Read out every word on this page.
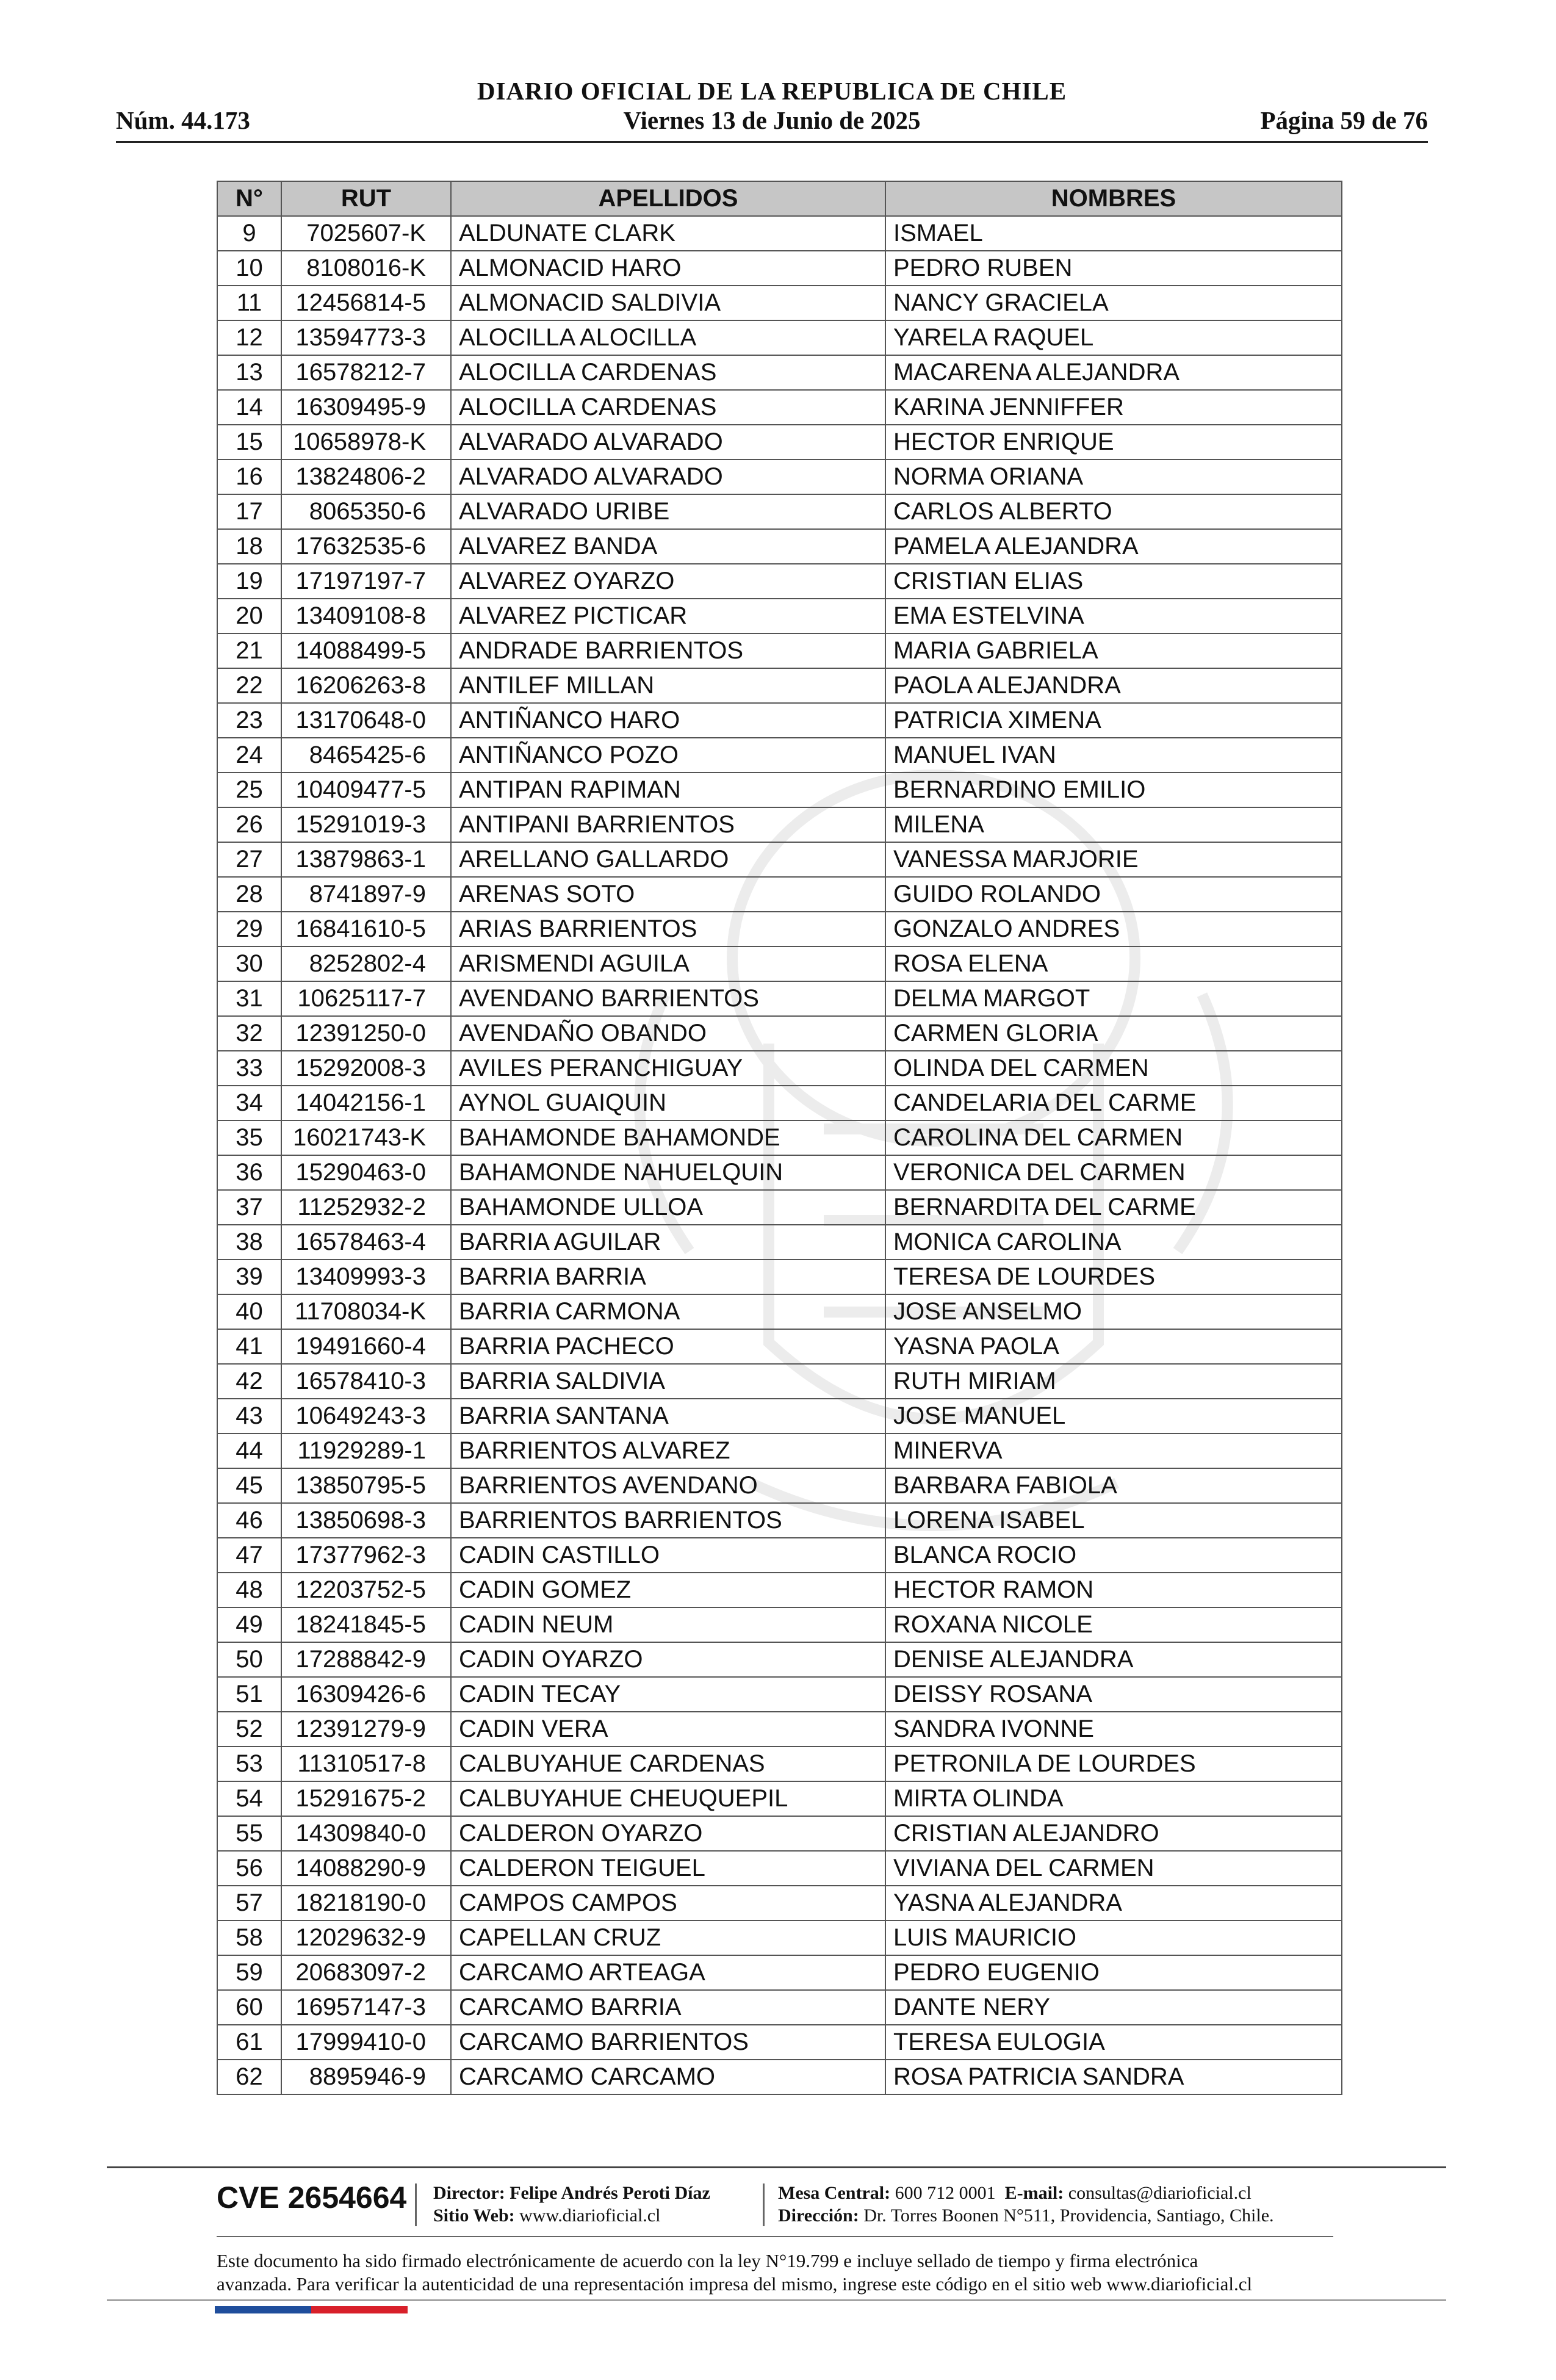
DIARIO OFICIAL DE LA REPUBLICA DE CHILE
Núm. 44.173	Viernes 13 de Junio de 2025	Página 59 de 76
N°	RUT	APELLIDOS	NOMBRES
9	7025607-K	ALDUNATE CLARK	ISMAEL
10	8108016-K	ALMONACID HARO	PEDRO RUBEN
11	12456814-5	ALMONACID SALDIVIA	NANCY GRACIELA
12	13594773-3	ALOCILLA ALOCILLA	YARELA RAQUEL
13	16578212-7	ALOCILLA CARDENAS	MACARENA ALEJANDRA
14	16309495-9	ALOCILLA CARDENAS	KARINA JENNIFFER
15	10658978-K	ALVARADO ALVARADO	HECTOR ENRIQUE
16	13824806-2	ALVARADO ALVARADO	NORMA ORIANA
17	8065350-6	ALVARADO URIBE	CARLOS ALBERTO
18	17632535-6	ALVAREZ BANDA	PAMELA ALEJANDRA
19	17197197-7	ALVAREZ OYARZO	CRISTIAN ELIAS
20	13409108-8	ALVAREZ PICTICAR	EMA ESTELVINA
21	14088499-5	ANDRADE BARRIENTOS	MARIA GABRIELA
22	16206263-8	ANTILEF MILLAN	PAOLA ALEJANDRA
23	13170648-0	ANTIÑANCO HARO	PATRICIA XIMENA
24	8465425-6	ANTIÑANCO POZO	MANUEL IVAN
25	10409477-5	ANTIPAN RAPIMAN	BERNARDINO EMILIO
26	15291019-3	ANTIPANI BARRIENTOS	MILENA
27	13879863-1	ARELLANO GALLARDO	VANESSA MARJORIE
28	8741897-9	ARENAS SOTO	GUIDO ROLANDO
29	16841610-5	ARIAS BARRIENTOS	GONZALO ANDRES
30	8252802-4	ARISMENDI AGUILA	ROSA ELENA
31	10625117-7	AVENDANO BARRIENTOS	DELMA MARGOT
32	12391250-0	AVENDAÑO OBANDO	CARMEN GLORIA
33	15292008-3	AVILES PERANCHIGUAY	OLINDA DEL CARMEN
34	14042156-1	AYNOL GUAIQUIN	CANDELARIA DEL CARME
35	16021743-K	BAHAMONDE BAHAMONDE	CAROLINA DEL CARMEN
36	15290463-0	BAHAMONDE NAHUELQUIN	VERONICA DEL CARMEN
37	11252932-2	BAHAMONDE ULLOA	BERNARDITA DEL CARME
38	16578463-4	BARRIA AGUILAR	MONICA CAROLINA
39	13409993-3	BARRIA BARRIA	TERESA DE LOURDES
40	11708034-K	BARRIA CARMONA	JOSE ANSELMO
41	19491660-4	BARRIA PACHECO	YASNA PAOLA
42	16578410-3	BARRIA SALDIVIA	RUTH MIRIAM
43	10649243-3	BARRIA SANTANA	JOSE MANUEL
44	11929289-1	BARRIENTOS ALVAREZ	MINERVA
45	13850795-5	BARRIENTOS AVENDANO	BARBARA FABIOLA
46	13850698-3	BARRIENTOS BARRIENTOS	LORENA ISABEL
47	17377962-3	CADIN CASTILLO	BLANCA ROCIO
48	12203752-5	CADIN GOMEZ	HECTOR RAMON
49	18241845-5	CADIN NEUM	ROXANA NICOLE
50	17288842-9	CADIN OYARZO	DENISE ALEJANDRA
51	16309426-6	CADIN TECAY	DEISSY ROSANA
52	12391279-9	CADIN VERA	SANDRA IVONNE
53	11310517-8	CALBUYAHUE CARDENAS	PETRONILA DE LOURDES
54	15291675-2	CALBUYAHUE CHEUQUEPIL	MIRTA OLINDA
55	14309840-0	CALDERON OYARZO	CRISTIAN ALEJANDRO
56	14088290-9	CALDERON TEIGUEL	VIVIANA DEL CARMEN
57	18218190-0	CAMPOS CAMPOS	YASNA ALEJANDRA
58	12029632-9	CAPELLAN CRUZ	LUIS MAURICIO
59	20683097-2	CARCAMO ARTEAGA	PEDRO EUGENIO
60	16957147-3	CARCAMO BARRIA	DANTE NERY
61	17999410-0	CARCAMO BARRIENTOS	TERESA EULOGIA
62	8895946-9	CARCAMO CARCAMO	ROSA PATRICIA SANDRA
CVE 2654664 Director: Felipe Andrés Peroti Díaz
Sitio Web: www.diarioficial.cl
Mesa Central: 600 712 0001 E-mail: consultas@diarioficial.cl
Dirección: Dr. Torres Boonen N°511, Providencia, Santiago, Chile.
Este documento ha sido firmado electrónicamente de acuerdo con la ley N°19.799 e incluye sellado de tiempo y firma electrónica
avanzada. Para verificar la autenticidad de una representación impresa del mismo, ingrese este código en el sitio web www.diarioficial.cl
